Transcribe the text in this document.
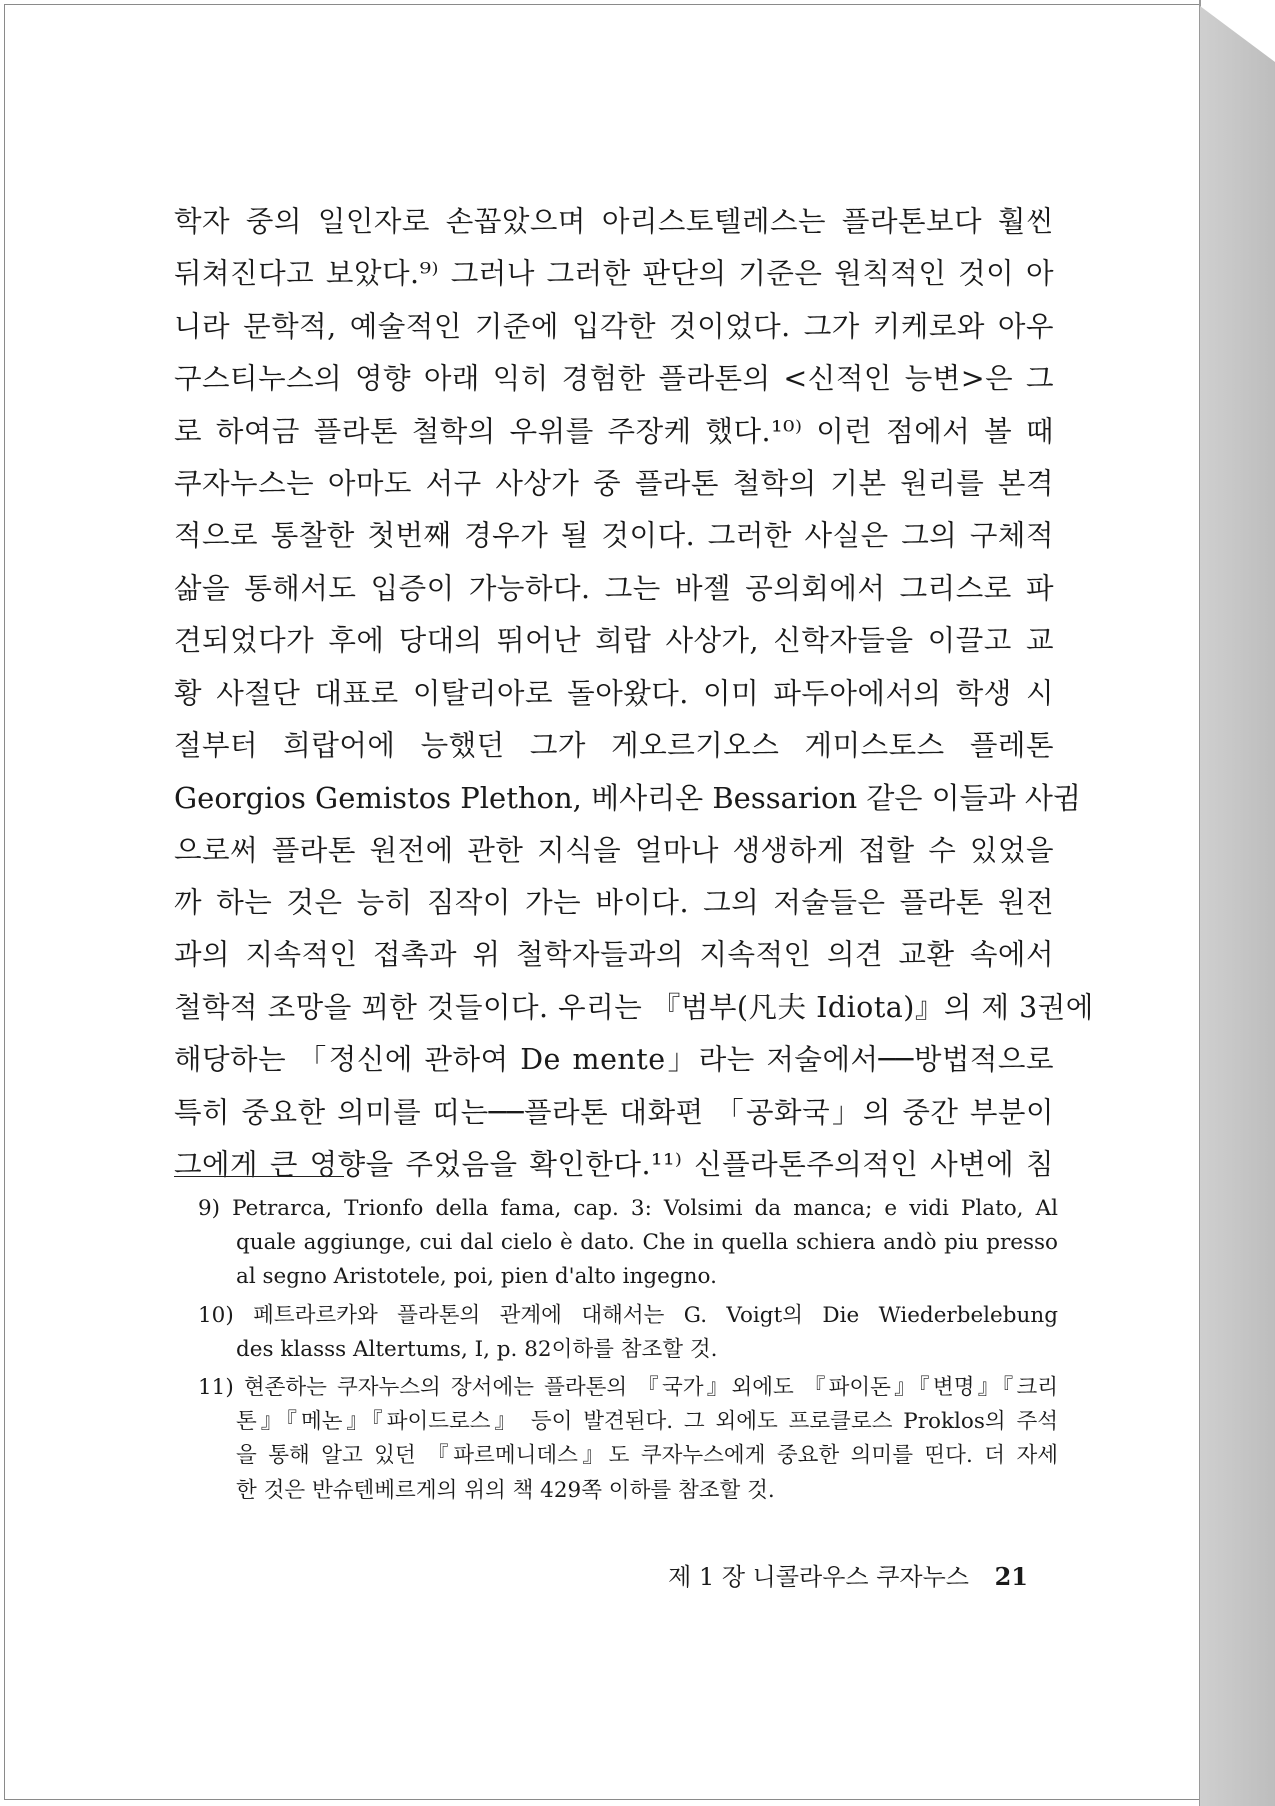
학자 중의 일인자로 손꼽았으며 아리스토텔레스는 플라톤보다 훨씬
뒤쳐진다고 보았다.⁹⁾ 그러나 그러한 판단의 기준은 원칙적인 것이 아
니라 문학적, 예술적인 기준에 입각한 것이었다. 그가 키케로와 아우
구스티누스의 영향 아래 익히 경험한 플라톤의 <신적인 능변>은 그
로 하여금 플라톤 철학의 우위를 주장케 했다.¹⁰⁾ 이런 점에서 볼 때
쿠자누스는 아마도 서구 사상가 중 플라톤 철학의 기본 원리를 본격
적으로 통찰한 첫번째 경우가 될 것이다. 그러한 사실은 그의 구체적
삶을 통해서도 입증이 가능하다. 그는 바젤 공의회에서 그리스로 파
견되었다가 후에 당대의 뛰어난 희랍 사상가, 신학자들을 이끌고 교
황 사절단 대표로 이탈리아로 돌아왔다. 이미 파두아에서의 학생 시
절부터 희랍어에 능했던 그가 게오르기오스 게미스토스 플레톤
Georgios Gemistos Plethon, 베사리온 Bessarion 같은 이들과 사귐
으로써 플라톤 원전에 관한 지식을 얼마나 생생하게 접할 수 있었을
까 하는 것은 능히 짐작이 가는 바이다. 그의 저술들은 플라톤 원전
과의 지속적인 접촉과 위 철학자들과의 지속적인 의견 교환 속에서
철학적 조망을 꾀한 것들이다. 우리는 『범부(凡夫 Idiota)』의 제 3권에
해당하는 「정신에 관하여 De mente」라는 저술에서──방법적으로
특히 중요한 의미를 띠는──플라톤 대화편 「공화국」의 중간 부분이
그에게 큰 영향을 주었음을 확인한다.¹¹⁾ 신플라톤주의적인 사변에 침
9) Petrarca, Trionfo della fama, cap. 3: Volsimi da manca; e vidi Plato, Al
quale aggiunge, cui dal cielo è dato. Che in quella schiera andò piu presso
al segno Aristotele, poi, pien d'alto ingegno.
10) 페트라르카와 플라톤의 관계에 대해서는 G. Voigt의 Die Wiederbelebung
des klasss Altertums, I, p. 82이하를 참조할 것.
11) 현존하는 쿠자누스의 장서에는 플라톤의 『국가』외에도 『파이돈』『변명』『크리
톤』『메논』『파이드로스』 등이 발견된다. 그 외에도 프로클로스 Proklos의 주석
을 통해 알고 있던 『파르메니데스』도 쿠자누스에게 중요한 의미를 띤다. 더 자세
한 것은 반슈텐베르게의 위의 책 429쪽 이하를 참조할 것.
제 1 장 니콜라우스 쿠자누스 21
